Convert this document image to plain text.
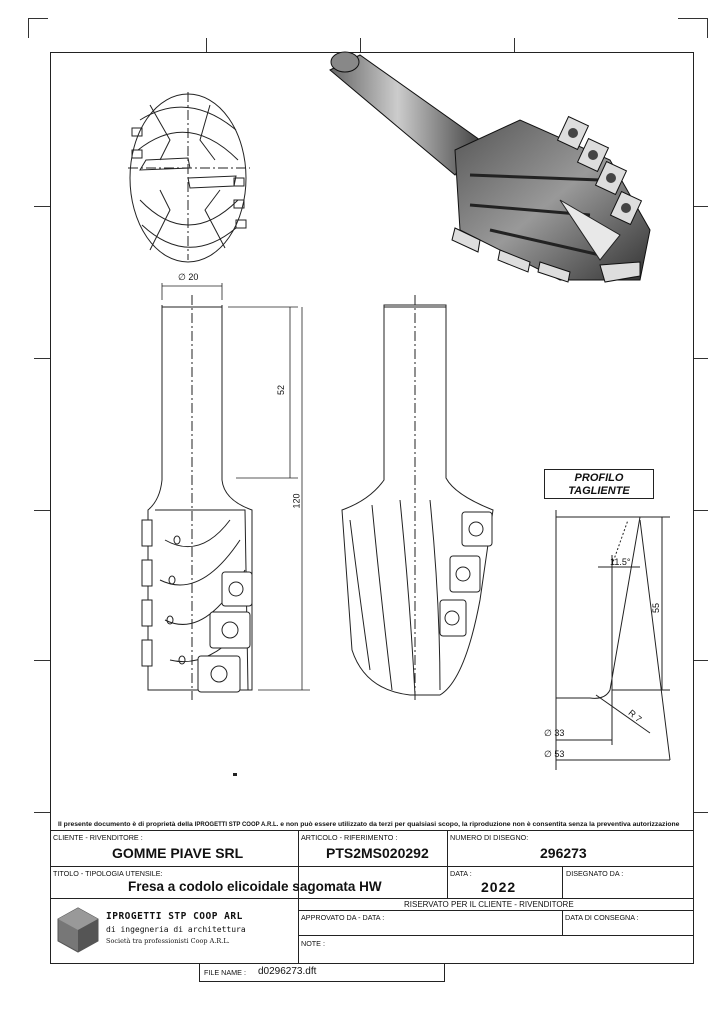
∅ 20
52
120
PROFILO
TAGLIENTE
11.5°
55
R 7
∅ 33
∅ 53
Il presente documento è di proprietà della IPROGETTI STP COOP A.R.L. e non può essere utilizzato da terzi per qualsiasi scopo, la riproduzione non è consentita senza la preventiva autorizzazione
CLIENTE - RIVENDITORE :
GOMME PIAVE SRL
ARTICOLO - RIFERIMENTO :
PTS2MS020292
NUMERO DI DISEGNO:
296273
TITOLO - TIPOLOGIA UTENSILE:
Fresa a codolo elicoidale sagomata HW
DATA :
2022
DISEGNATO DA :
RISERVATO PER IL CLIENTE - RIVENDITORE
APPROVATO DA - DATA :	DATA DI CONSEGNA :
NOTE :
IPROGETTI STP COOP ARL
di ingegneria di architettura
Società tra professionisti Coop A.R.L.
FILE NAME : d0296273.dft
